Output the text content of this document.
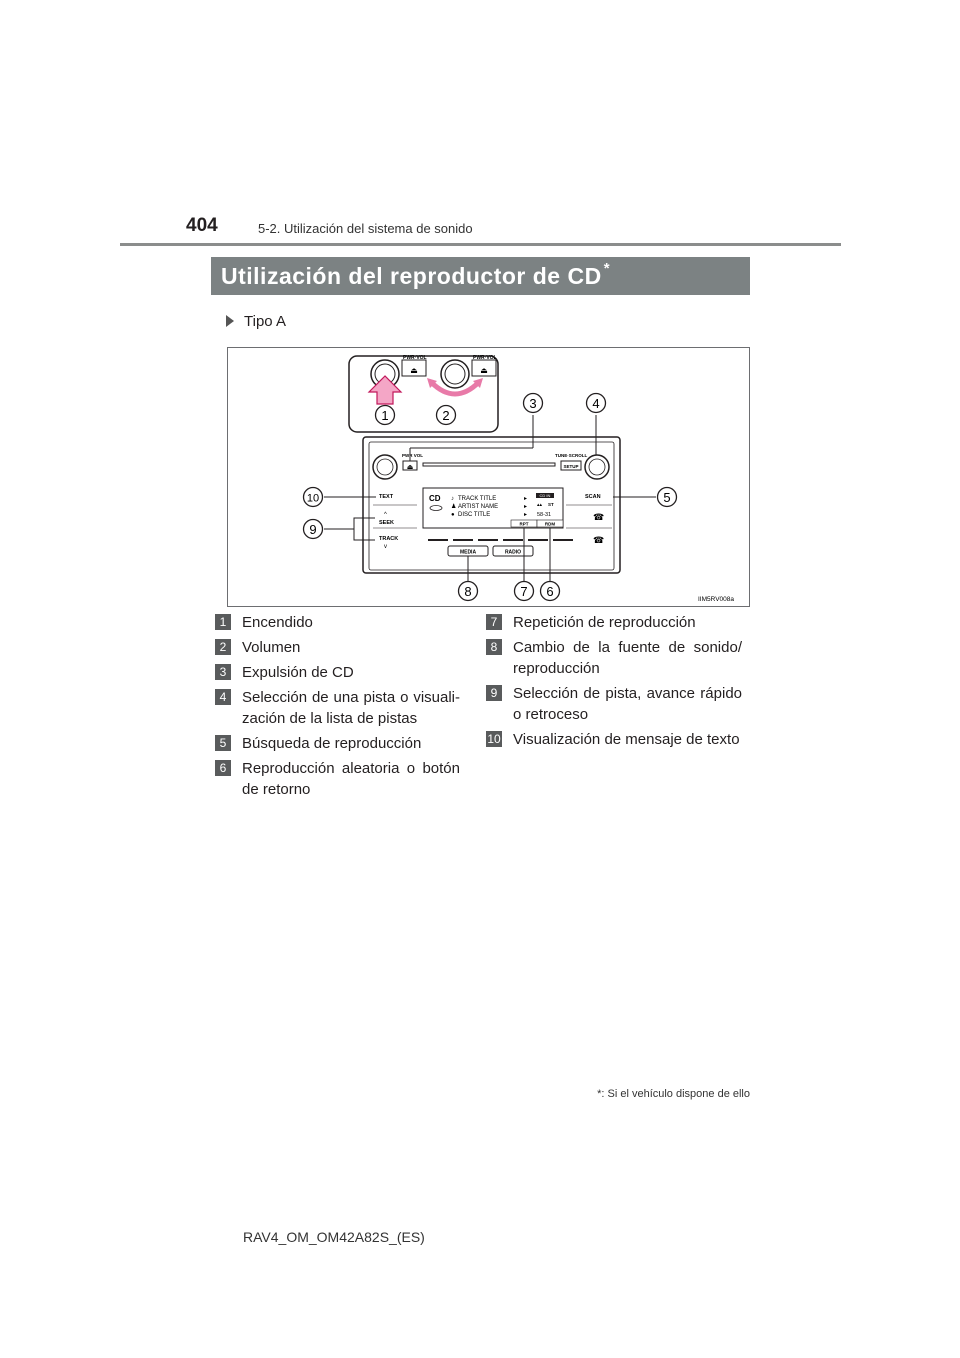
404	5-2. Utilización del sistema de sonido
Utilización del reproductor de CD *
Tipo A
PWR·VOL
⏏
PWR·VOL
⏏
PWR VOL	TUNE·SCROLL
⏏	SETUP
TEXT	SCAN
^
SEEK
☎
TRACK
v
☎
CD ♪ TRACK TITLE
♟ ARTIST NAME
● DISC TITLE
▸
▸
▸
CD IN
▴▴ ST
58-31
RPT	RDM
MEDIA	RADIO
1	2
3	4
5
6
7
8
9
10
IIM5RV008a
1	Encendido
2	Volumen
3	Expulsión de CD
4	Selección de una pista o visuali-zación de la lista de pistas
5	Búsqueda de reproducción
6	Reproducción aleatoria o botón de retorno
7	Repetición de reproducción
8	Cambio de la fuente de sonido/ reproducción
9	Selección de pista, avance rápido o retroceso
10 Visualización de mensaje de texto
*: Si el vehículo dispone de ello
RAV4_OM_OM42A82S_(ES)
